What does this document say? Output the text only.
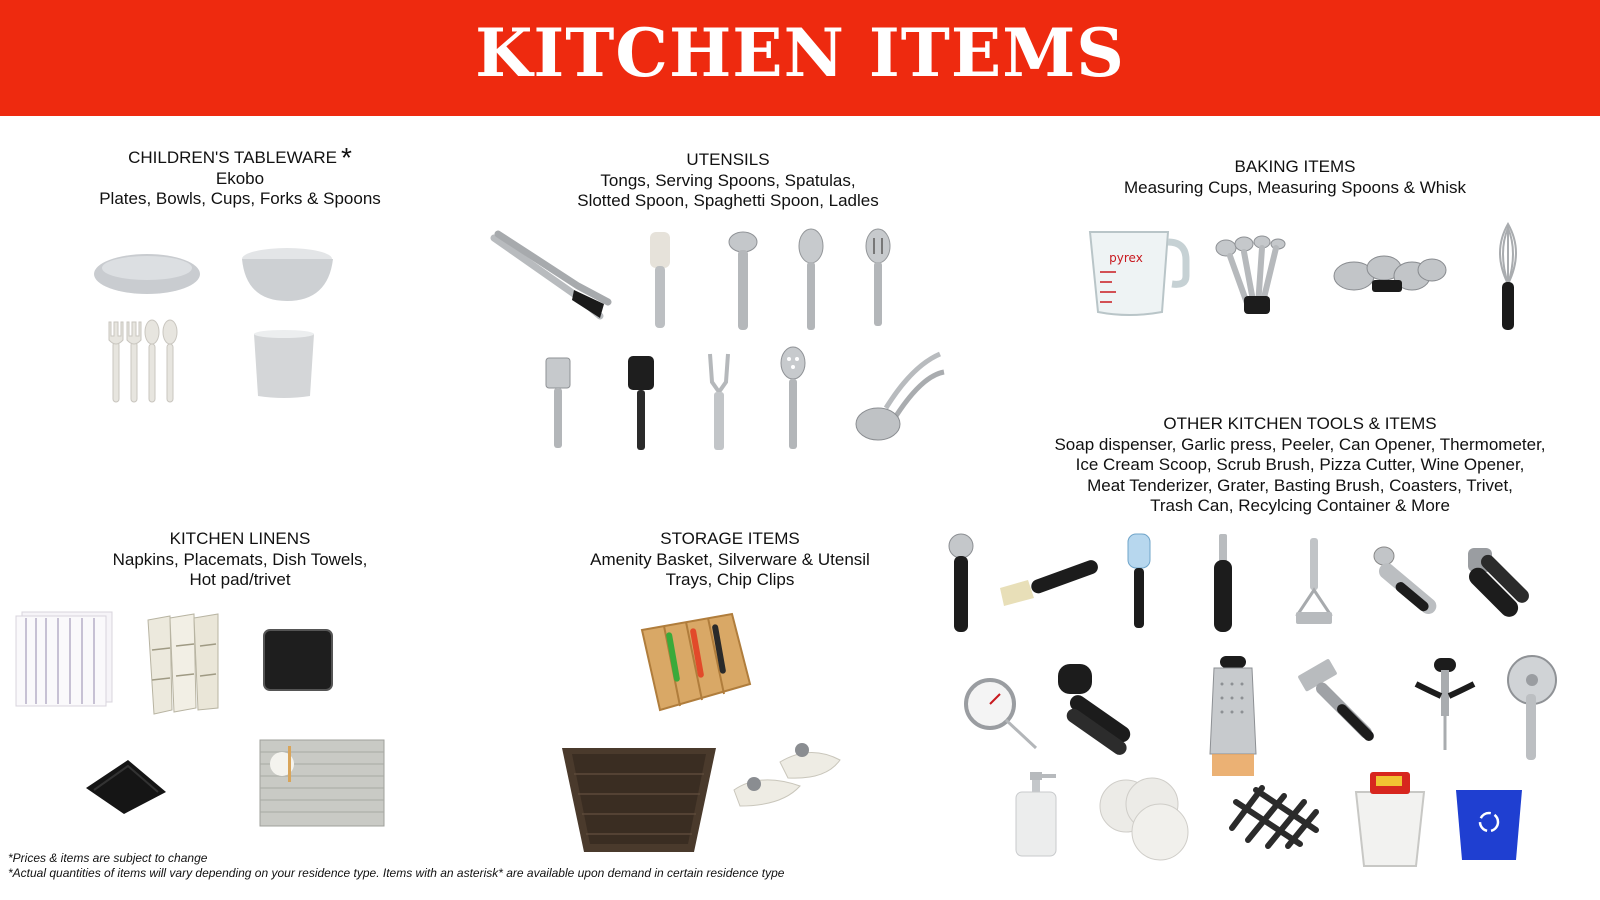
KITCHEN ITEMS
CHILDREN'S TABLEWARE *
Ekobo
Plates, Bowls, Cups, Forks & Spoons
UTENSILS
Tongs, Serving Spoons, Spatulas,
Slotted Spoon, Spaghetti Spoon, Ladles
BAKING ITEMS
Measuring Cups, Measuring Spoons & Whisk
OTHER KITCHEN TOOLS & ITEMS
Soap dispenser, Garlic press, Peeler, Can Opener, Thermometer,
Ice Cream Scoop, Scrub Brush, Pizza Cutter, Wine Opener,
Meat Tenderizer, Grater, Basting Brush, Coasters, Trivet,
Trash Can, Recylcing Container & More
KITCHEN LINENS
Napkins, Placemats, Dish Towels,
Hot pad/trivet
STORAGE ITEMS
Amenity Basket, Silverware & Utensil
Trays, Chip Clips
pyrex
*Prices & items are subject to change
*Actual quantities of items will vary depending on your residence type. Items with an asterisk* are available upon demand in certain residence type
